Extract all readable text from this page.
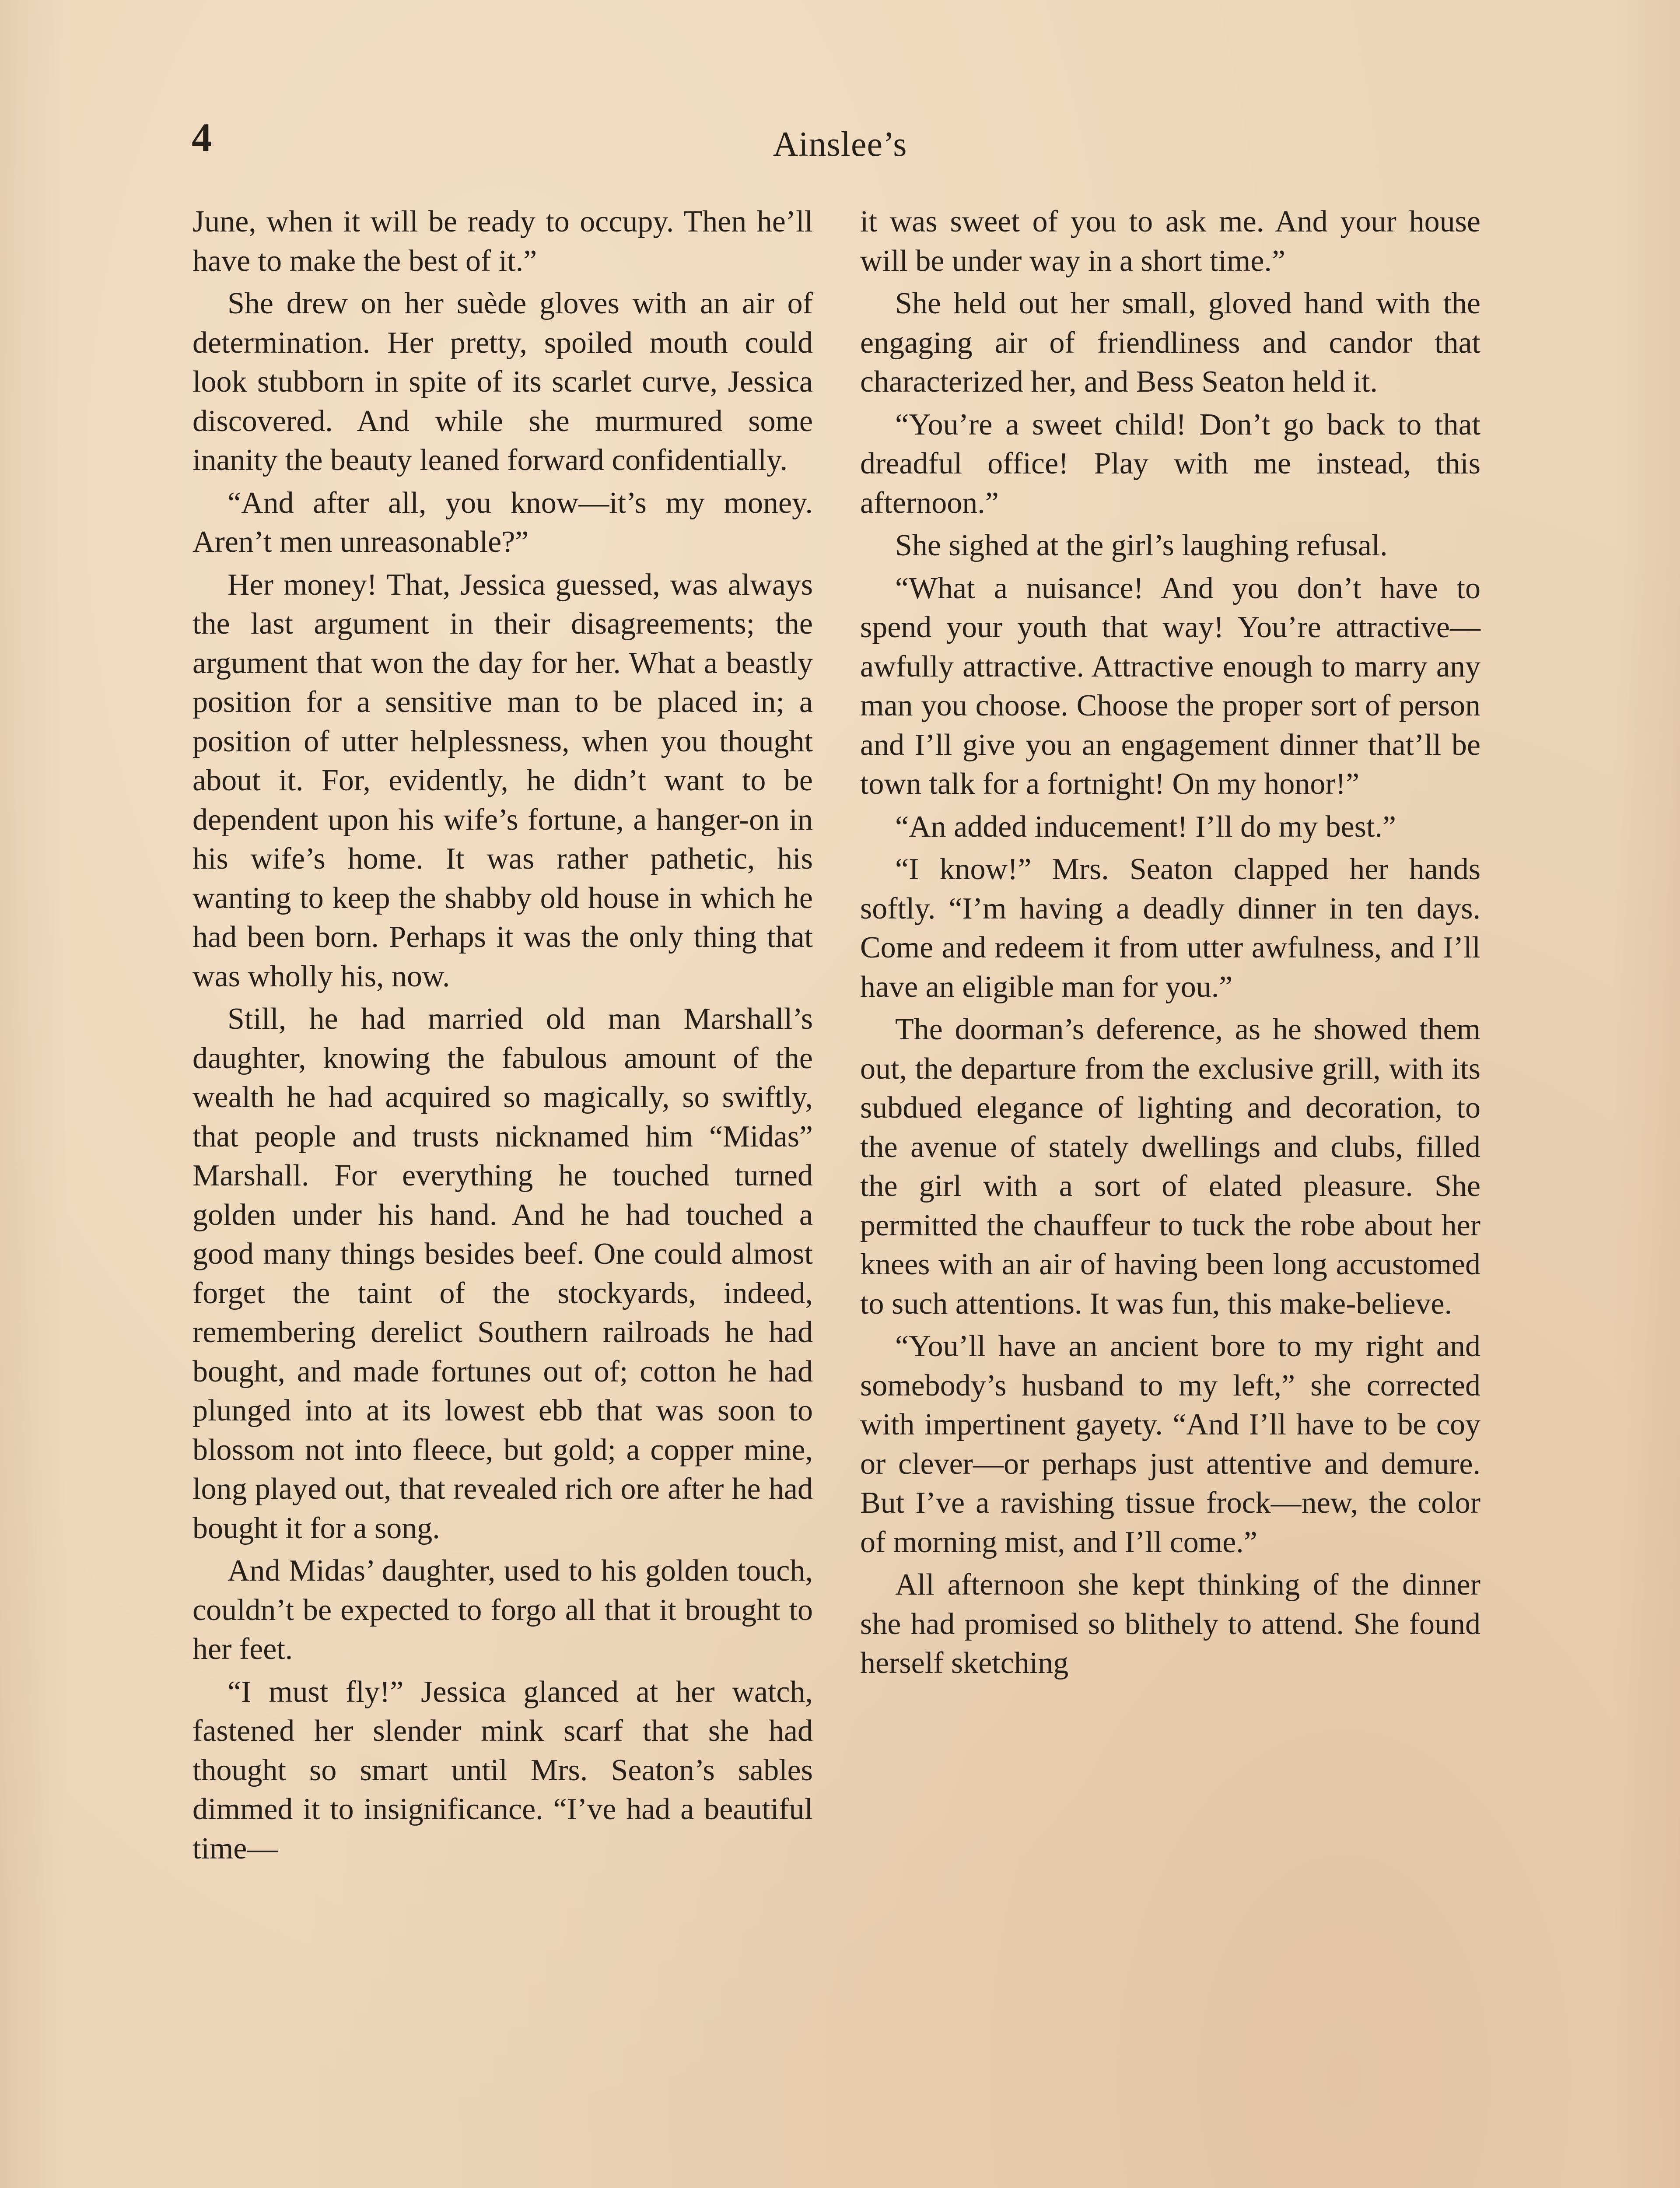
4	Ainslee’s

June, when it will be ready to occupy. Then he’ll have to make the best of it.”

She drew on her suède gloves with an air of determination. Her pretty, spoiled mouth could look stubborn in spite of its scarlet curve, Jessica discovered. And while she murmured some inanity the beauty leaned forward confidentially.

“And after all, you know—it’s my money. Aren’t men unreasonable?”

Her money! That, Jessica guessed, was always the last argument in their disagreements; the argument that won the day for her. What a beastly position for a sensitive man to be placed in; a position of utter helplessness, when you thought about it. For, evidently, he didn’t want to be dependent upon his wife’s fortune, a hanger-on in his wife’s home. It was rather pathetic, his wanting to keep the shabby old house in which he had been born. Perhaps it was the only thing that was wholly his, now.

Still, he had married old man Marshall’s daughter, knowing the fabulous amount of the wealth he had acquired so magically, so swiftly, that people and trusts nicknamed him “Midas” Marshall. For everything he touched turned golden under his hand. And he had touched a good many things besides beef. One could almost forget the taint of the stockyards, indeed, remembering derelict Southern railroads he had bought, and made fortunes out of; cotton he had plunged into at its lowest ebb that was soon to blossom not into fleece, but gold; a copper mine, long played out, that revealed rich ore after he had bought it for a song.

And Midas’ daughter, used to his golden touch, couldn’t be expected to forgo all that it brought to her feet.

“I must fly!” Jessica glanced at her watch, fastened her slender mink scarf that she had thought so smart until Mrs. Seaton’s sables dimmed it to insignificance. “I’ve had a beautiful time—

it was sweet of you to ask me. And your house will be under way in a short time.”

She held out her small, gloved hand with the engaging air of friendliness and candor that characterized her, and Bess Seaton held it.

“You’re a sweet child! Don’t go back to that dreadful office! Play with me instead, this afternoon.”

She sighed at the girl’s laughing refusal.

“What a nuisance! And you don’t have to spend your youth that way! You’re attractive—awfully attractive. Attractive enough to marry any man you choose. Choose the proper sort of person and I’ll give you an engagement dinner that’ll be town talk for a fortnight! On my honor!”

“An added inducement! I’ll do my best.”

“I know!” Mrs. Seaton clapped her hands softly. “I’m having a deadly dinner in ten days. Come and redeem it from utter awfulness, and I’ll have an eligible man for you.”

The doorman’s deference, as he showed them out, the departure from the exclusive grill, with its subdued elegance of lighting and decoration, to the avenue of stately dwellings and clubs, filled the girl with a sort of elated pleasure. She permitted the chauffeur to tuck the robe about her knees with an air of having been long accustomed to such attentions. It was fun, this make-believe.

“You’ll have an ancient bore to my right and somebody’s husband to my left,” she corrected with impertinent gayety. “And I’ll have to be coy or clever—or perhaps just attentive and demure. But I’ve a ravishing tissue frock—new, the color of morning mist, and I’ll come.”

All afternoon she kept thinking of the dinner she had promised so blithely to attend. She found herself sketching
